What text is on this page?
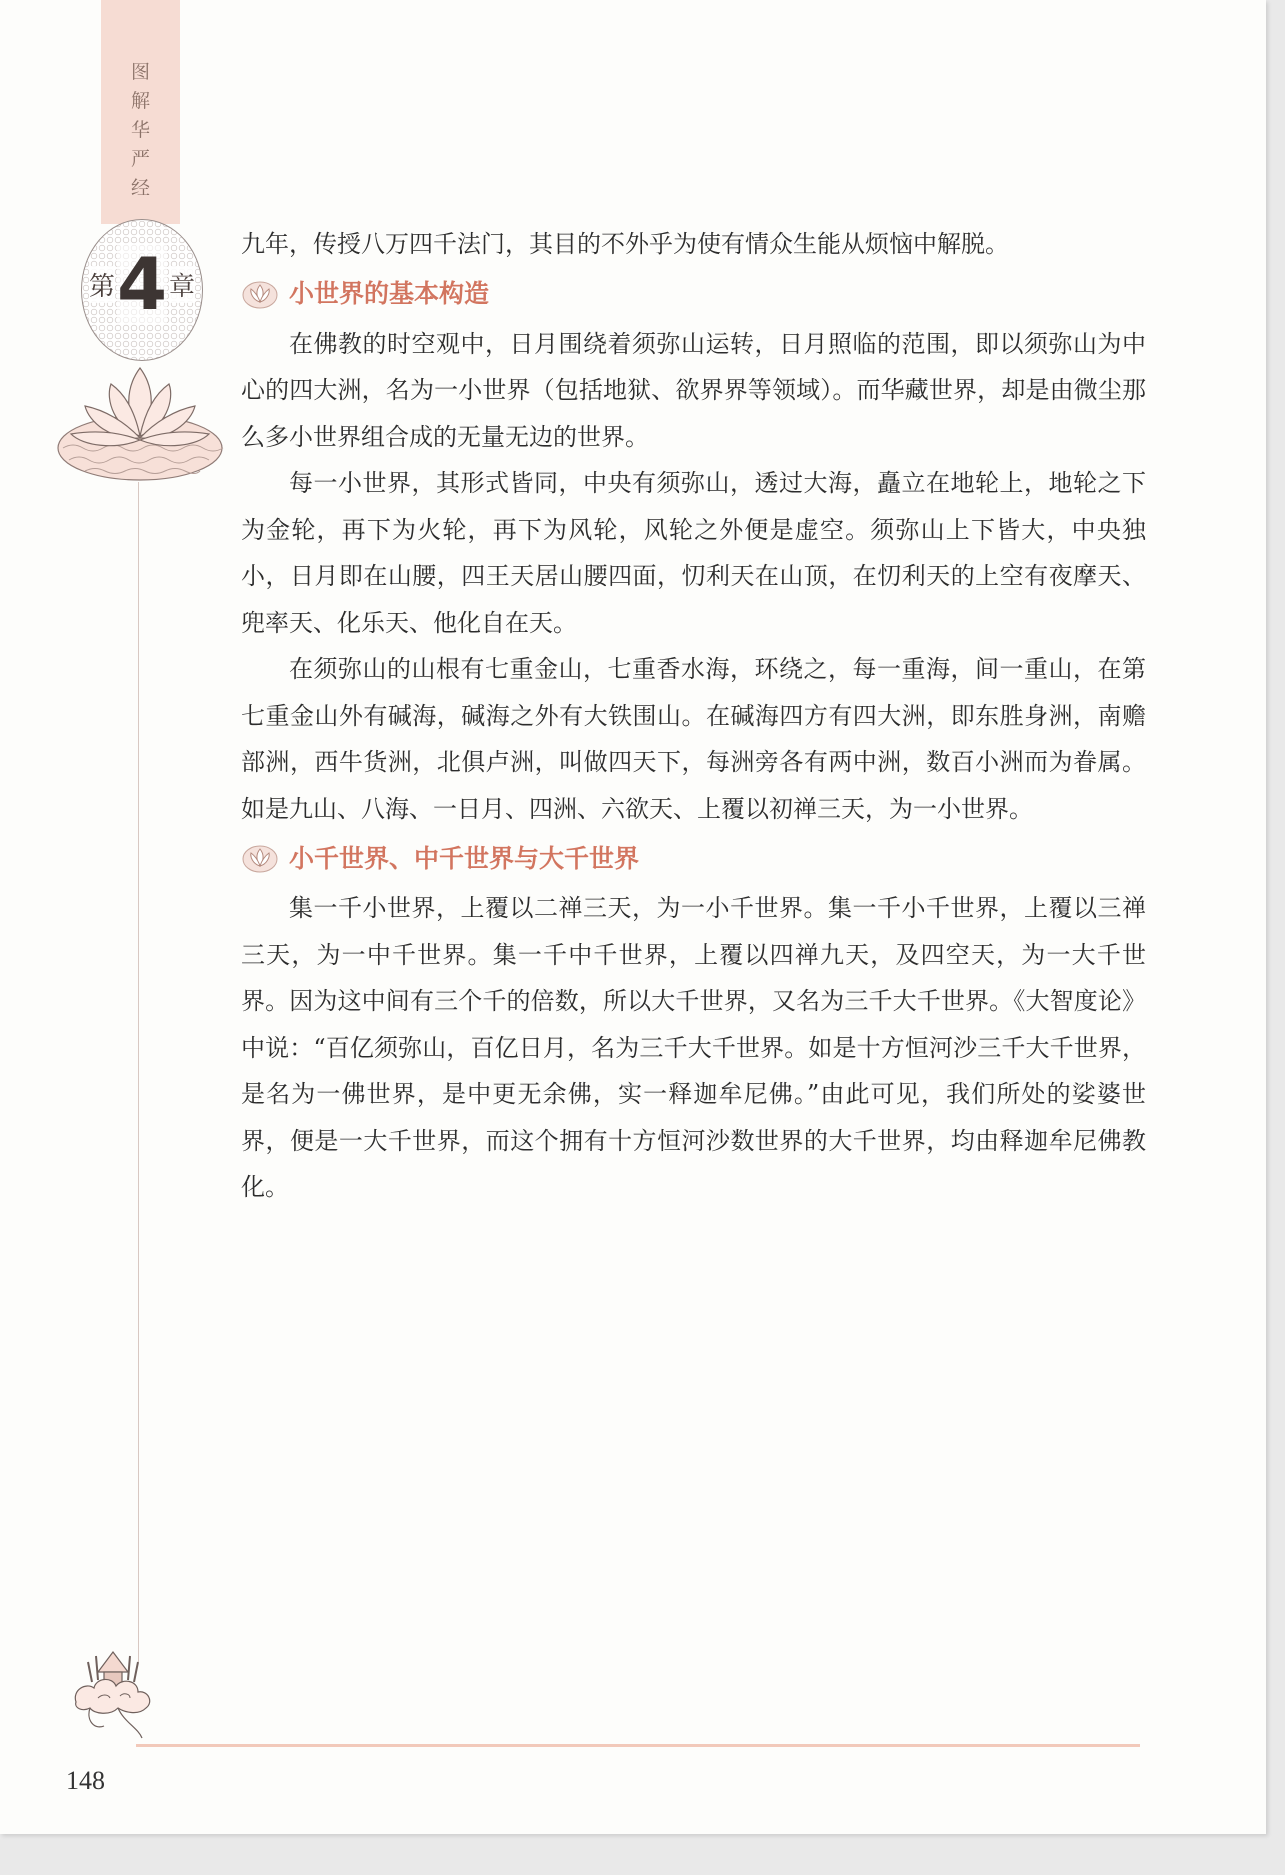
图
解
华
严
经
第 4 章

九年，传授八万四千法门，其目的不外乎为使有情众生能从烦恼中解脱。

小世界的基本构造

在佛教的时空观中，日月围绕着须弥山运转，日月照临的范围，即以须弥山为中心的四大洲，名为一小世界（包括地狱、欲界界等领域）。而华藏世界，却是由微尘那么多小世界组合成的无量无边的世界。

每一小世界，其形式皆同，中央有须弥山，透过大海，矗立在地轮上，地轮之下为金轮，再下为火轮，再下为风轮，风轮之外便是虚空。须弥山上下皆大，中央独小，日月即在山腰，四王天居山腰四面，忉利天在山顶，在忉利天的上空有夜摩天、兜率天、化乐天、他化自在天。

在须弥山的山根有七重金山，七重香水海，环绕之，每一重海，间一重山，在第七重金山外有碱海，碱海之外有大铁围山。在碱海四方有四大洲，即东胜身洲，南赡部洲，西牛货洲，北俱卢洲，叫做四天下，每洲旁各有两中洲，数百小洲而为眷属。如是九山、八海、一日月、四洲、六欲天、上覆以初禅三天，为一小世界。

小千世界、中千世界与大千世界

集一千小世界，上覆以二禅三天，为一小千世界。集一千小千世界，上覆以三禅三天，为一中千世界。集一千中千世界，上覆以四禅九天，及四空天，为一大千世界。因为这中间有三个千的倍数，所以大千世界，又名为三千大千世界。《大智度论》中说：“百亿须弥山，百亿日月，名为三千大千世界。如是十方恒河沙三千大千世界，是名为一佛世界，是中更无余佛，实一释迦牟尼佛。”由此可见，我们所处的娑婆世界，便是一大千世界，而这个拥有十方恒河沙数世界的大千世界，均由释迦牟尼佛教化。

148
